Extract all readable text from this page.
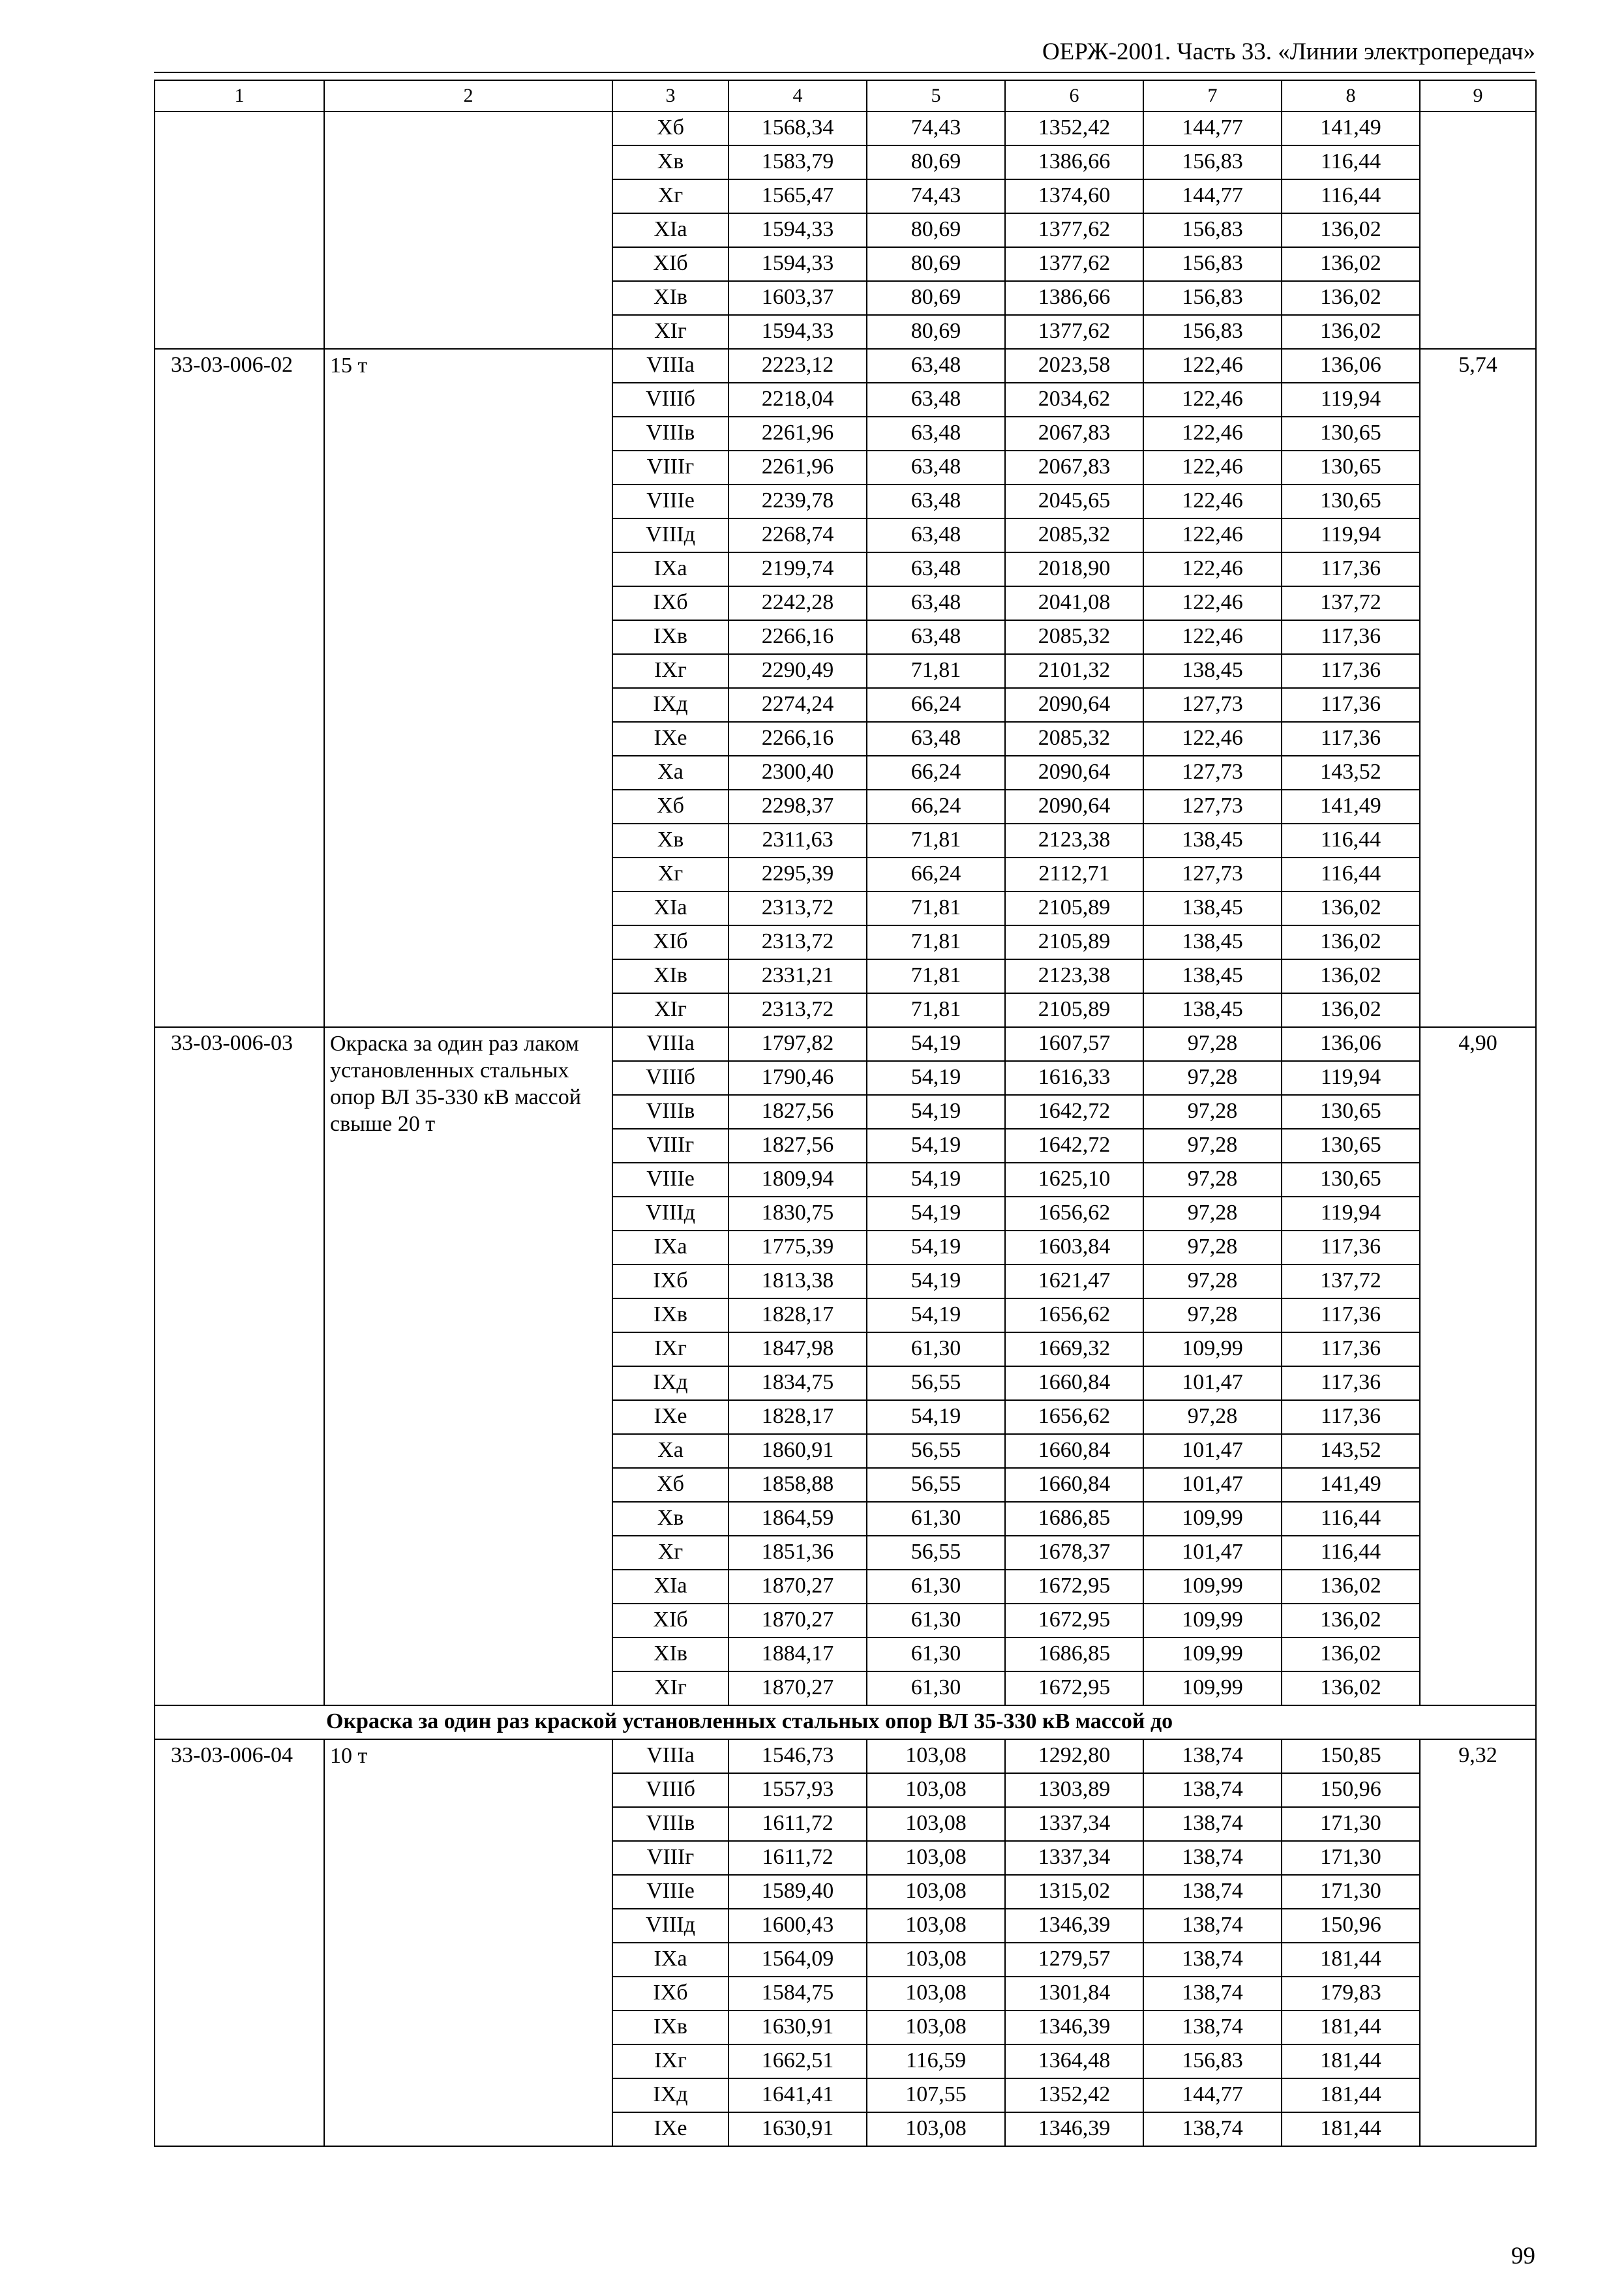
ОЕРЖ-2001. Часть 33. «Линии электропередач»
1	2	3	4	5	6	7	8	9
		Xб	1568,34	74,43	1352,42	144,77	141,49	
		Xв	1583,79	80,69	1386,66	156,83	116,44	
		Xг	1565,47	74,43	1374,60	144,77	116,44	
		XIа	1594,33	80,69	1377,62	156,83	136,02	
		XIб	1594,33	80,69	1377,62	156,83	136,02	
		XIв	1603,37	80,69	1386,66	156,83	136,02	
		XIг	1594,33	80,69	1377,62	156,83	136,02	
33-03-006-02	15 т	VIIIа	2223,12	63,48	2023,58	122,46	136,06	5,74
		VIIIб	2218,04	63,48	2034,62	122,46	119,94	
		VIIIв	2261,96	63,48	2067,83	122,46	130,65	
		VIIIг	2261,96	63,48	2067,83	122,46	130,65	
		VIIIе	2239,78	63,48	2045,65	122,46	130,65	
		VIIIд	2268,74	63,48	2085,32	122,46	119,94	
		IXа	2199,74	63,48	2018,90	122,46	117,36	
		IXб	2242,28	63,48	2041,08	122,46	137,72	
		IXв	2266,16	63,48	2085,32	122,46	117,36	
		IXг	2290,49	71,81	2101,32	138,45	117,36	
		IXд	2274,24	66,24	2090,64	127,73	117,36	
		IXе	2266,16	63,48	2085,32	122,46	117,36	
		Xа	2300,40	66,24	2090,64	127,73	143,52	
		Xб	2298,37	66,24	2090,64	127,73	141,49	
		Xв	2311,63	71,81	2123,38	138,45	116,44	
		Xг	2295,39	66,24	2112,71	127,73	116,44	
		XIа	2313,72	71,81	2105,89	138,45	136,02	
		XIб	2313,72	71,81	2105,89	138,45	136,02	
		XIв	2331,21	71,81	2123,38	138,45	136,02	
		XIг	2313,72	71,81	2105,89	138,45	136,02	
33-03-006-03	Окраска за один раз лаком установленных стальных опор ВЛ 35-330 кВ массой свыше 20 т	VIIIа	1797,82	54,19	1607,57	97,28	136,06	4,90
		VIIIб	1790,46	54,19	1616,33	97,28	119,94	
		VIIIв	1827,56	54,19	1642,72	97,28	130,65	
		VIIIг	1827,56	54,19	1642,72	97,28	130,65	
		VIIIе	1809,94	54,19	1625,10	97,28	130,65	
		VIIIд	1830,75	54,19	1656,62	97,28	119,94	
		IXа	1775,39	54,19	1603,84	97,28	117,36	
		IXб	1813,38	54,19	1621,47	97,28	137,72	
		IXв	1828,17	54,19	1656,62	97,28	117,36	
		IXг	1847,98	61,30	1669,32	109,99	117,36	
		IXд	1834,75	56,55	1660,84	101,47	117,36	
		IXе	1828,17	54,19	1656,62	97,28	117,36	
		Xа	1860,91	56,55	1660,84	101,47	143,52	
		Xб	1858,88	56,55	1660,84	101,47	141,49	
		Xв	1864,59	61,30	1686,85	109,99	116,44	
		Xг	1851,36	56,55	1678,37	101,47	116,44	
		XIа	1870,27	61,30	1672,95	109,99	136,02	
		XIб	1870,27	61,30	1672,95	109,99	136,02	
		XIв	1884,17	61,30	1686,85	109,99	136,02	
		XIг	1870,27	61,30	1672,95	109,99	136,02	
Окраска за один раз краской установленных стальных опор ВЛ 35-330 кВ массой до								
33-03-006-04	10 т	VIIIа	1546,73	103,08	1292,80	138,74	150,85	9,32
		VIIIб	1557,93	103,08	1303,89	138,74	150,96	
		VIIIв	1611,72	103,08	1337,34	138,74	171,30	
		VIIIг	1611,72	103,08	1337,34	138,74	171,30	
		VIIIе	1589,40	103,08	1315,02	138,74	171,30	
		VIIIд	1600,43	103,08	1346,39	138,74	150,96	
		IXа	1564,09	103,08	1279,57	138,74	181,44	
		IXб	1584,75	103,08	1301,84	138,74	179,83	
		IXв	1630,91	103,08	1346,39	138,74	181,44	
		IXг	1662,51	116,59	1364,48	156,83	181,44	
		IXд	1641,41	107,55	1352,42	144,77	181,44	
		IXе	1630,91	103,08	1346,39	138,74	181,44	
99
